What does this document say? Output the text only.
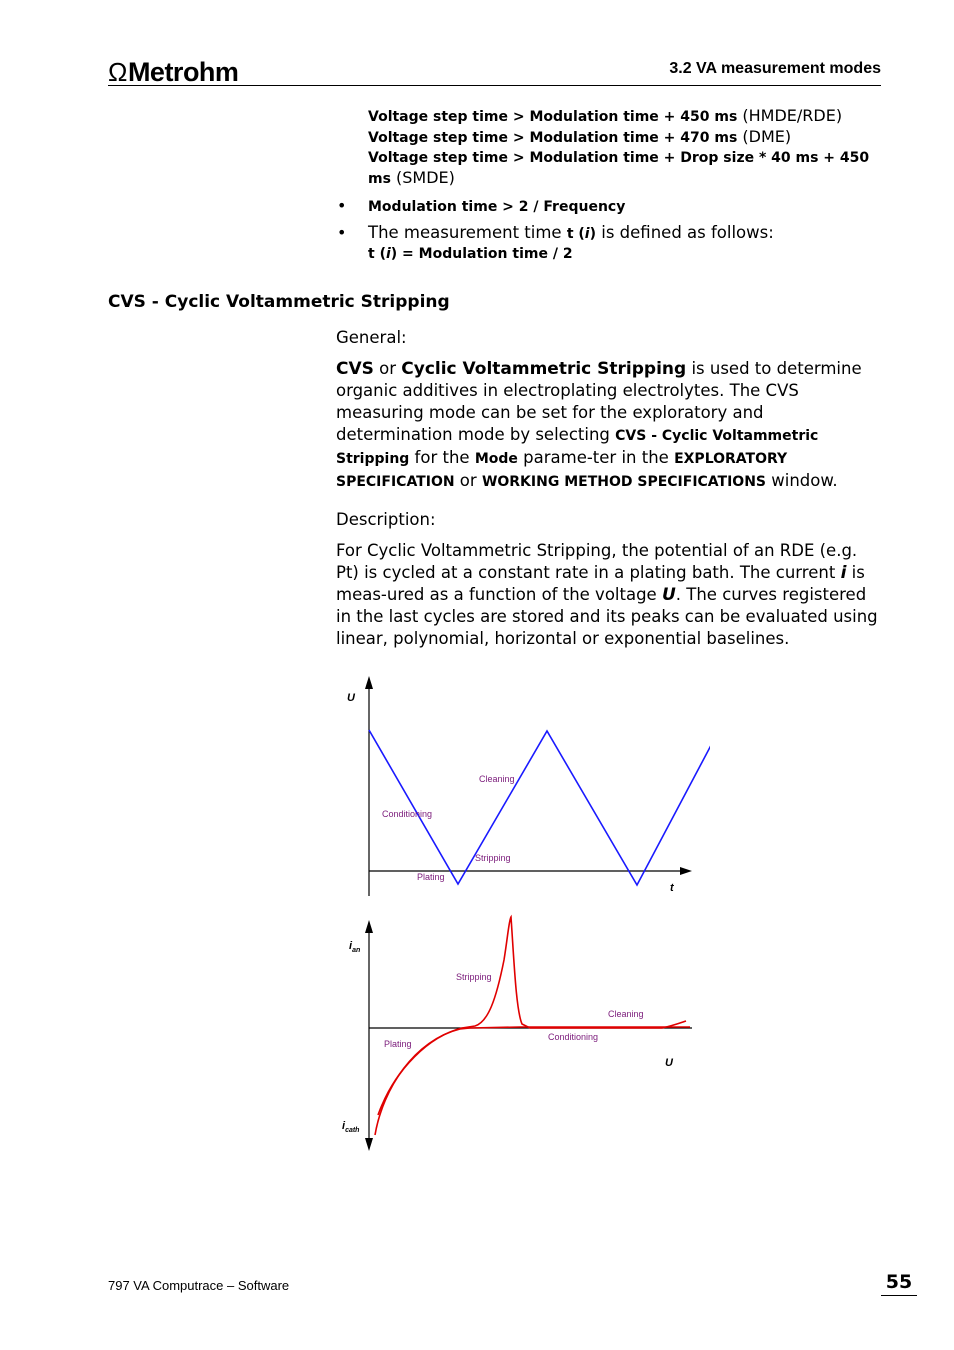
ΩMetrohm	3.2 VA measurement modes
Voltage step time > Modulation time + 450 ms (HMDE/RDE)
Voltage step time > Modulation time + 470 ms (DME)
Voltage step time > Modulation time + Drop size * 40 ms + 450
ms (SMDE)
• Modulation time > 2 / Frequency
• The measurement time t (i) is defined as follows:
t (i) = Modulation time / 2
CVS - Cyclic Voltammetric Stripping
General:
CVS or Cyclic Voltammetric Stripping is used to determine organic additives in electroplating electrolytes. The CVS measuring mode can be set for the exploratory and determination mode by selecting CVS - Cyclic Voltammetric Stripping for the Mode parame-ter in the EXPLORATORY SPECIFICATION or WORKING METHOD SPECIFICATIONS window.
Description:
For Cyclic Voltammetric Stripping, the potential of an RDE (e.g. Pt) is cycled at a constant rate in a plating bath. The current i is meas-ured as a function of the voltage U. The curves registered in the last cycles are stored and its peaks can be evaluated using linear, polynomial, horizontal or exponential baselines.
U
t
Cleaning
Conditioning
Stripping
Plating
$i_{an}$
$i_{cath}$
U
Stripping
Cleaning
Conditioning
Plating
797 VA Computrace – Software	55
